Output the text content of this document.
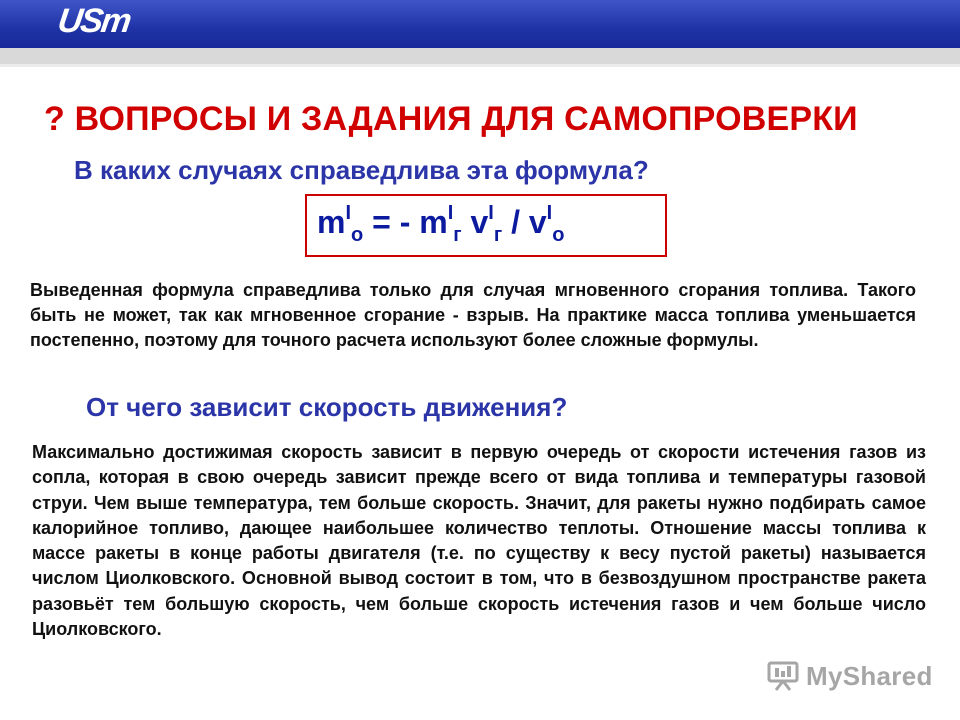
USm
? ВОПРОСЫ И ЗАДАНИЯ ДЛЯ САМОПРОВЕРКИ
В каких случаях справедлива эта формула?
$m^I_о$ = - $m^I_г$ $v^I_г / v^I_о$
Выведенная формула справедлива только для случая мгновенного сгорания топлива. Такого быть не может, так как мгновенное сгорание - взрыв. На практике масса топлива уменьшается постепенно, поэтому для точного расчета используют более сложные формулы.
От чего зависит скорость движения?
Максимально достижимая скорость зависит в первую очередь от скорости истечения газов из сопла, которая в свою очередь зависит прежде всего от вида топлива и температуры газовой струи. Чем выше температура, тем больше скорость. Значит, для ракеты нужно подбирать самое калорийное топливо, дающее наибольшее количество теплоты. Отношение массы топлива к массе ракеты в конце работы двигателя (т.е. по существу к весу пустой ракеты) называется числом Циолковского. Основной вывод состоит в том, что в безвоздушном пространстве ракета разовьёт тем большую скорость, чем больше скорость истечения газов и чем больше число Циолковского.
MyShared
